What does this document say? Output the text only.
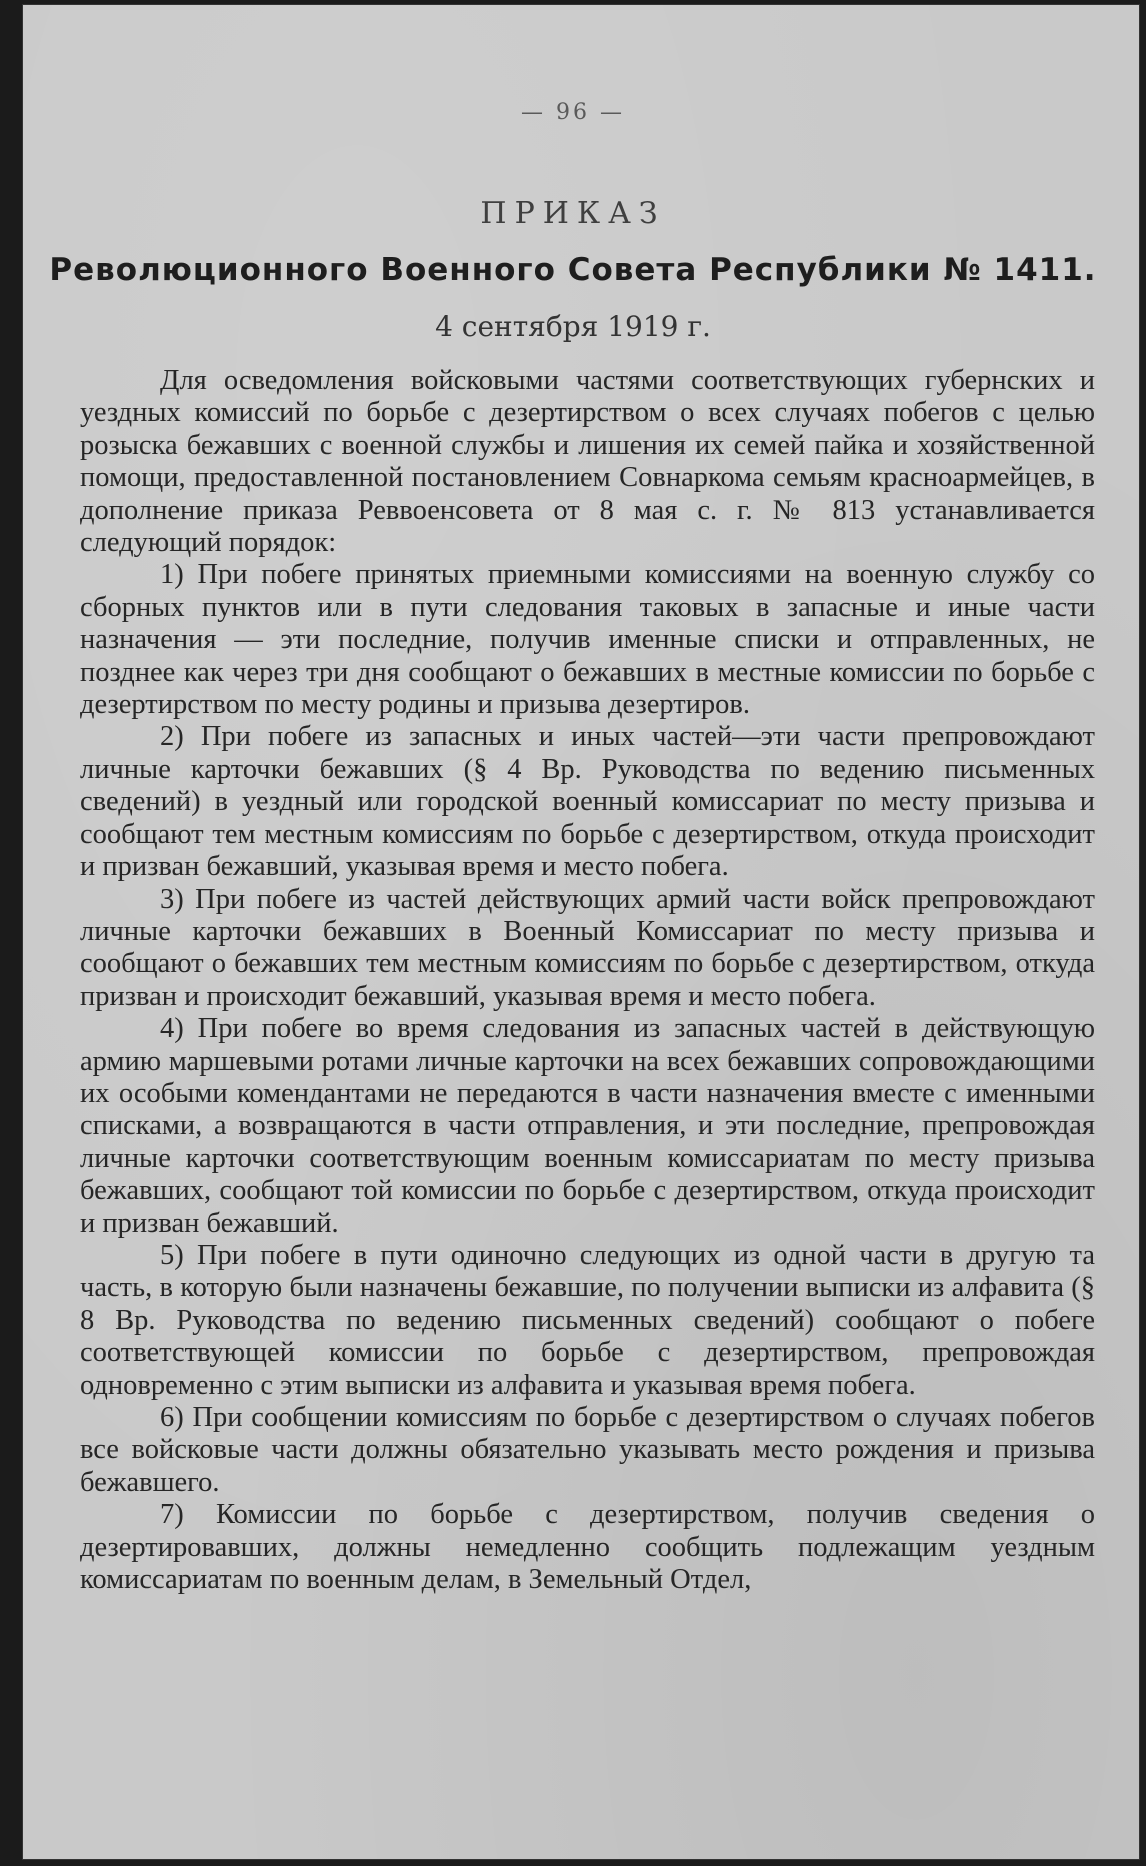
— 96 —
ПРИКАЗ
Революционного Военного Совета Республики № 1411.
4 сентября 1919 г.

Для осведомления войсковыми частями соответствующих губернских и уездных комиссий по борьбе с дезертирством о всех случаях побегов с целью розыска бежавших с военной службы и лишения их семей пайка и хозяйственной помощи, предоставленной постановлением Совнаркома семьям красноармейцев, в дополнение приказа Реввоенсовета от 8 мая с. г. № 813 устанавливается следующий порядок:

1) При побеге принятых приемными комиссиями на военную службу со сборных пунктов или в пути следования таковых в запасные и иные части назначения — эти последние, получив именные списки и отправленных, не позднее как через три дня сообщают о бежавших в местные комиссии по борьбе с дезертирством по месту родины и призыва дезертиров.

2) При побеге из запасных и иных частей—эти части препровождают личные карточки бежавших (§ 4 Вр. Руководства по ведению письменных сведений) в уездный или городской военный комиссариат по месту призыва и сообщают тем местным комиссиям по борьбе с дезертирством, откуда происходит и призван бежавший, указывая время и место побега.

3) При побеге из частей действующих армий части войск препровождают личные карточки бежавших в Военный Комиссариат по месту призыва и сообщают о бежавших тем местным комиссиям по борьбе с дезертирством, откуда призван и происходит бежавший, указывая время и место побега.

4) При побеге во время следования из запасных частей в действующую армию маршевыми ротами личные карточки на всех бежавших сопровождающими их особыми комендантами не передаются в части назначения вместе с именными списками, а возвращаются в части отправления, и эти последние, препровождая личные карточки соответствующим военным комиссариатам по месту призыва бежавших, сообщают той комиссии по борьбе с дезертирством, откуда происходит и призван бежавший.

5) При побеге в пути одиночно следующих из одной части в другую та часть, в которую были назначены бежавшие, по получении выписки из алфавита (§ 8 Вр. Руководства по ведению письменных сведений) сообщают о побеге соответствующей комиссии по борьбе с дезертирством, препровождая одновременно с этим выписки из алфавита и указывая время побега.

6) При сообщении комиссиям по борьбе с дезертирством о случаях побегов все войсковые части должны обязательно указывать место рождения и призыва бежавшего.

7) Комиссии по борьбе с дезертирством, получив сведения о дезертировавших, должны немедленно сообщить подлежащим уездным комиссариатам по военным делам, в Земельный Отдел,
